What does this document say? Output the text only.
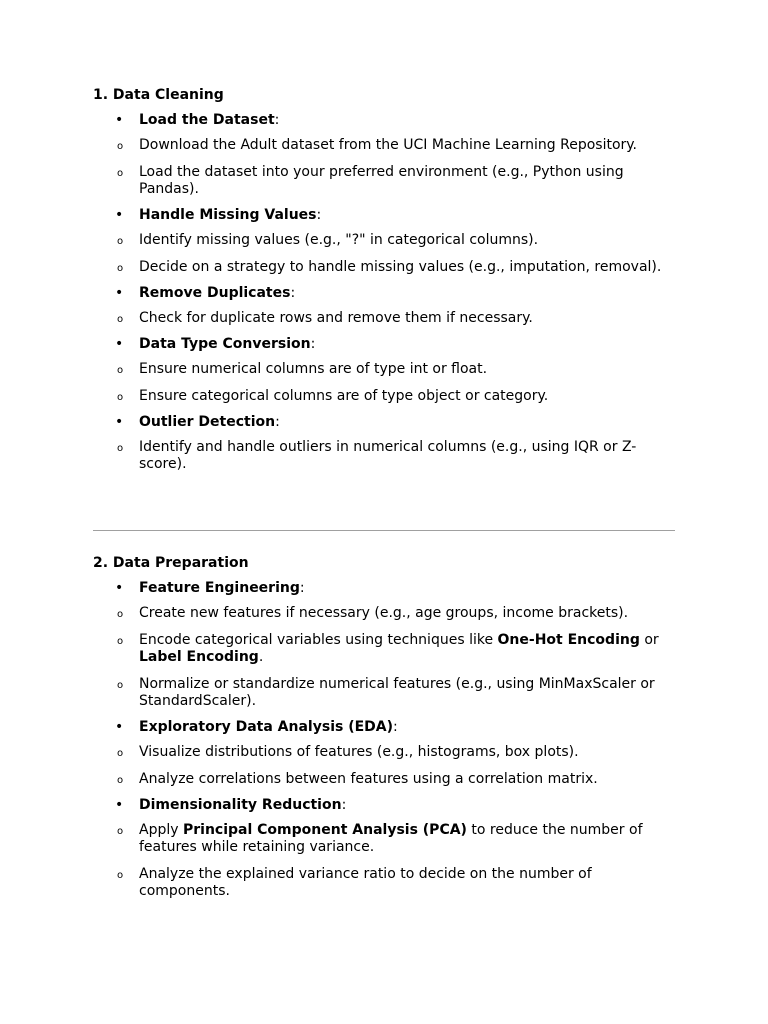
1. Data Cleaning
• Load the Dataset:
o Download the Adult dataset from the UCI Machine Learning Repository.
o Load the dataset into your preferred environment (e.g., Python using Pandas).
• Handle Missing Values:
o Identify missing values (e.g., "?" in categorical columns).
o Decide on a strategy to handle missing values (e.g., imputation, removal).
• Remove Duplicates:
o Check for duplicate rows and remove them if necessary.
• Data Type Conversion:
o Ensure numerical columns are of type int or float.
o Ensure categorical columns are of type object or category.
• Outlier Detection:
o Identify and handle outliers in numerical columns (e.g., using IQR or Z-score).
2. Data Preparation
• Feature Engineering:
o Create new features if necessary (e.g., age groups, income brackets).
o Encode categorical variables using techniques like One-Hot Encoding or Label Encoding.
o Normalize or standardize numerical features (e.g., using MinMaxScaler or StandardScaler).
• Exploratory Data Analysis (EDA):
o Visualize distributions of features (e.g., histograms, box plots).
o Analyze correlations between features using a correlation matrix.
• Dimensionality Reduction:
o Apply Principal Component Analysis (PCA) to reduce the number of features while retaining variance.
o Analyze the explained variance ratio to decide on the number of components.
